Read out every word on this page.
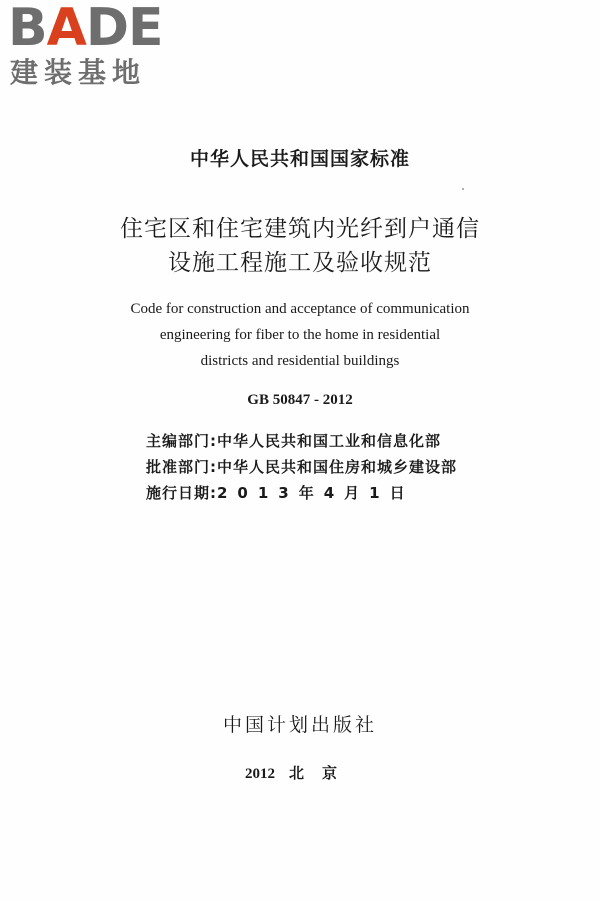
BADE
建装基地
中华人民共和国国家标准
住宅区和住宅建筑内光纤到户通信
设施工程施工及验收规范
Code for construction and acceptance of communication
engineering for fiber to the home in residential
districts and residential buildings
GB 50847 - 2012
主编部门:中华人民共和国工业和信息化部
批准部门:中华人民共和国住房和城乡建设部
施行日期:2013年4月1日
中国计划出版社
2012 北京
